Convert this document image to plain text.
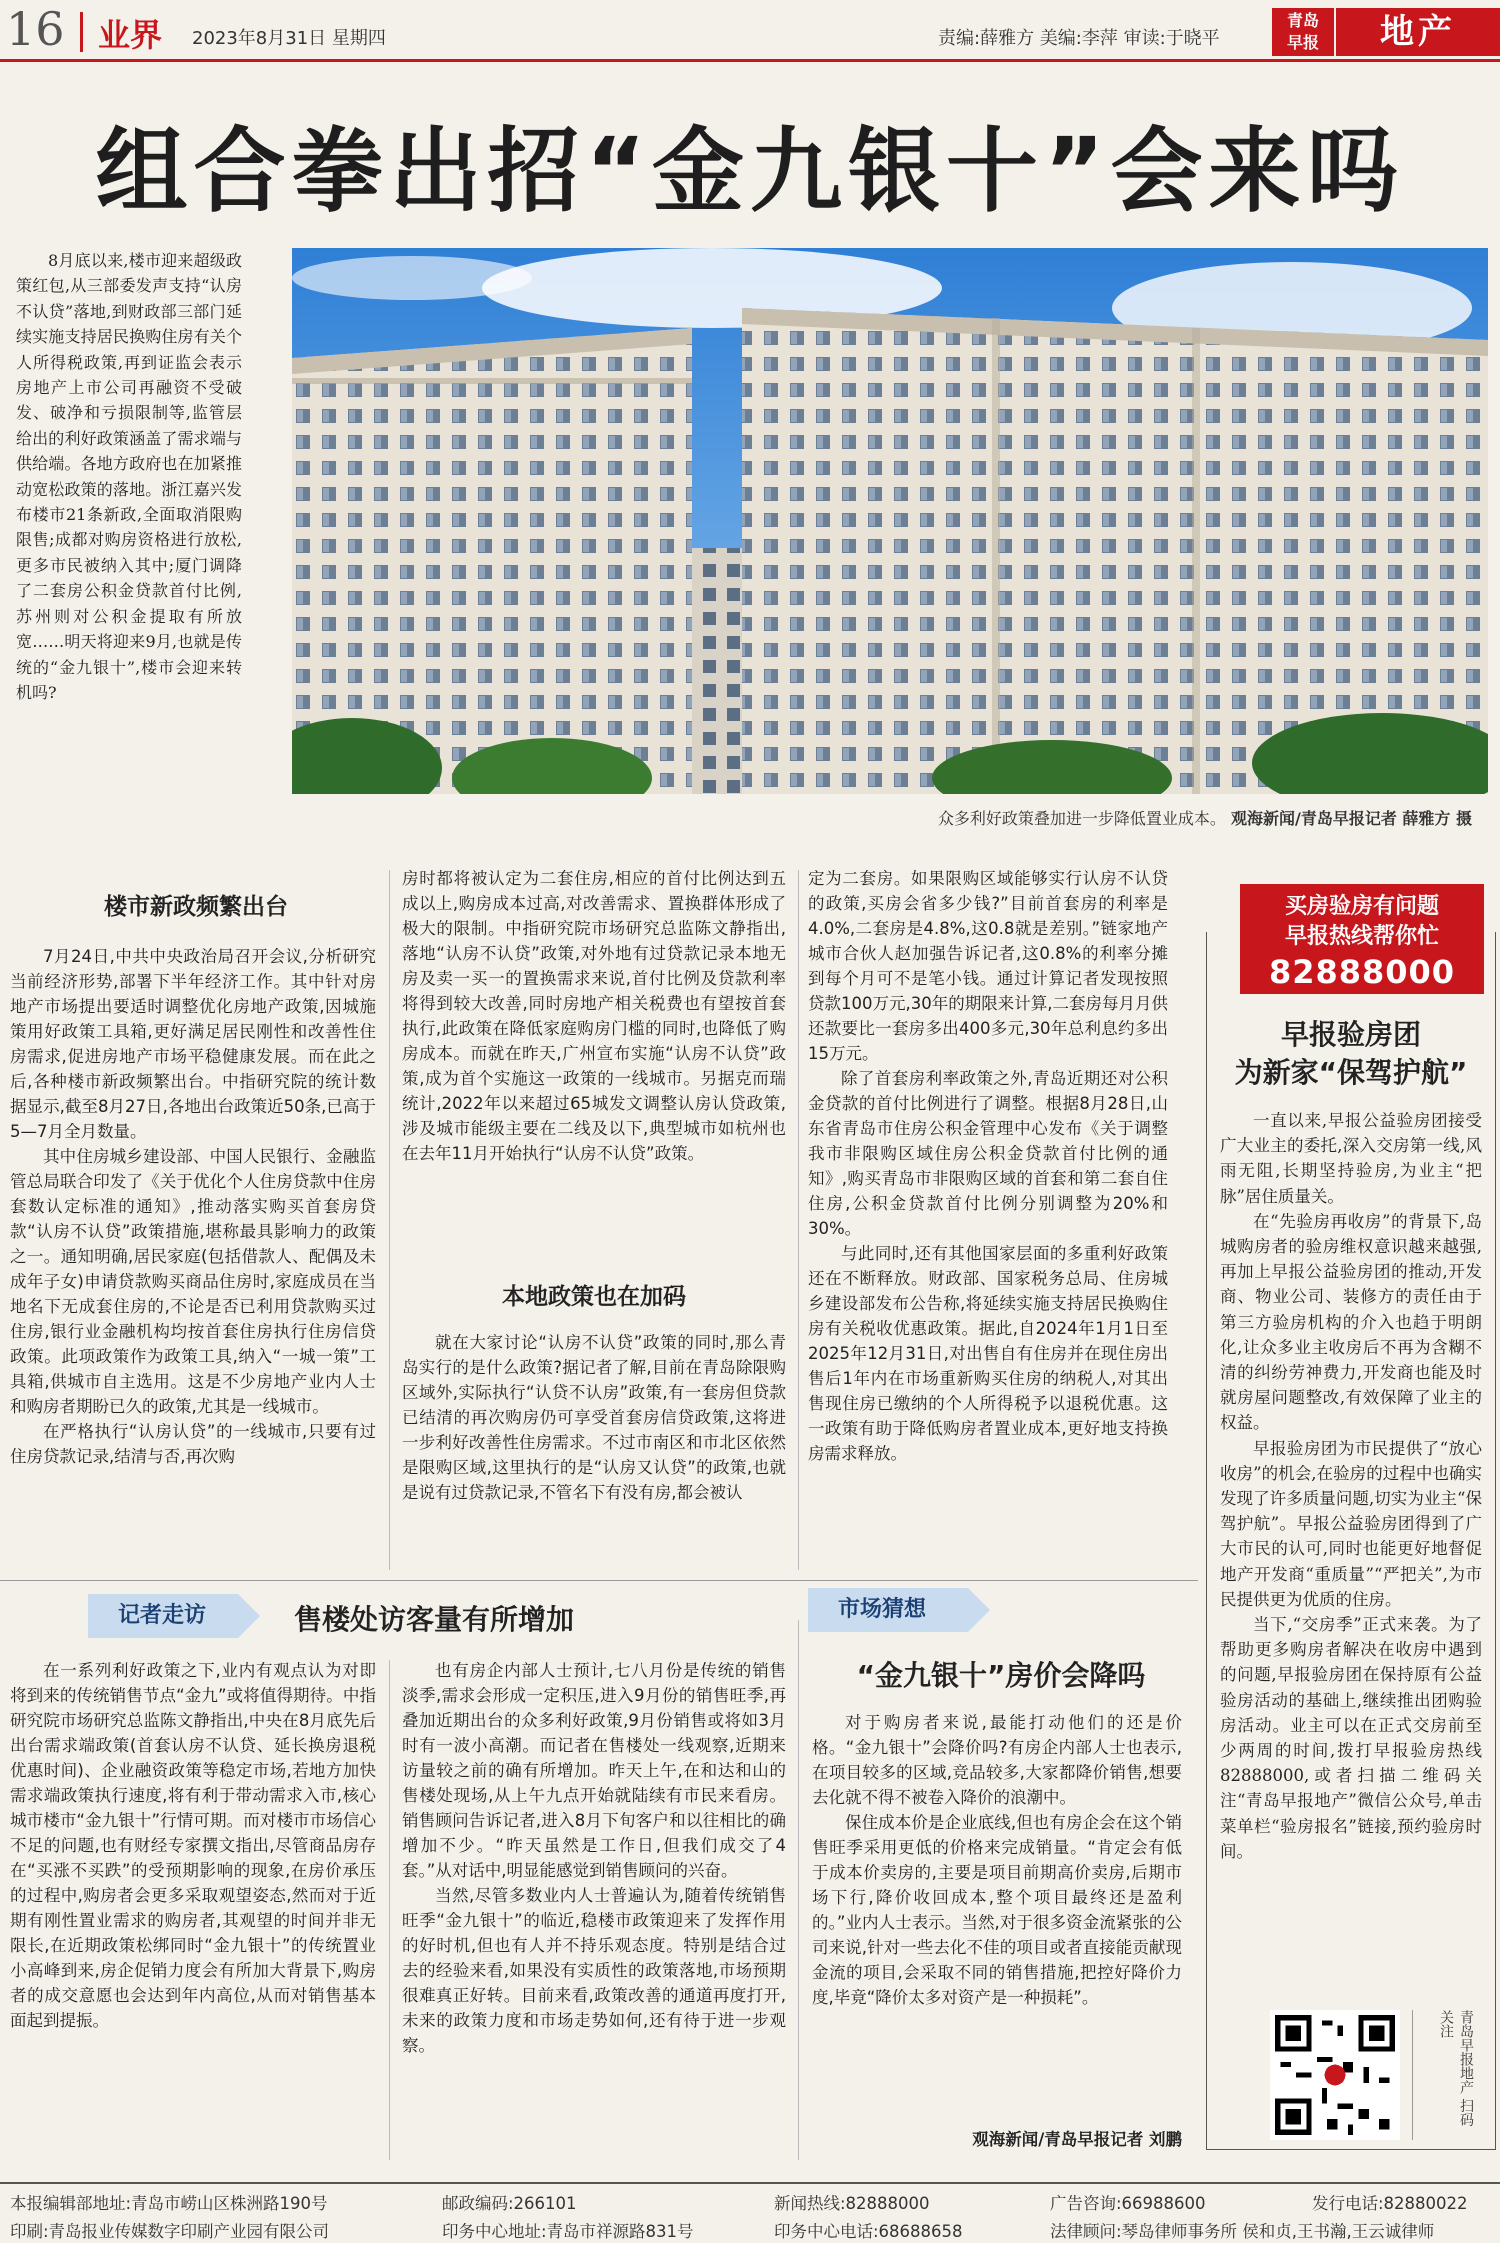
16 业界 2023年8月31日 星期四	责编:薛雅方 美编:李萍 审读:于晓平
青岛
早报	地产
组合拳出招“金九银十”会来吗

8月底以来,楼市迎来超级政策红包,从三部委发声支持“认房不认贷”落地,到财政部三部门延续实施支持居民换购住房有关个人所得税政策,再到证监会表示房地产上市公司再融资不受破发、破净和亏损限制等,监管层给出的利好政策涵盖了需求端与供给端。各地方政府也在加紧推动宽松政策的落地。浙江嘉兴发布楼市21条新政,全面取消限购限售;成都对购房资格进行放松,更多市民被纳入其中;厦门调降了二套房公积金贷款首付比例,苏州则对公积金提取有所放宽……明天将迎来9月,也就是传统的“金九银十”,楼市会迎来转机吗?

众多利好政策叠加进一步降低置业成本。 观海新闻/青岛早报记者 薛雅方 摄
楼市新政频繁出台

7月24日,中共中央政治局召开会议,分析研究当前经济形势,部署下半年经济工作。其中针对房地产市场提出要适时调整优化房地产政策,因城施策用好政策工具箱,更好满足居民刚性和改善性住房需求,促进房地产市场平稳健康发展。而在此之后,各种楼市新政频繁出台。中指研究院的统计数据显示,截至8月27日,各地出台政策近50条,已高于5—7月全月数量。

其中住房城乡建设部、中国人民银行、金融监管总局联合印发了《关于优化个人住房贷款中住房套数认定标准的通知》,推动落实购买首套房贷款“认房不认贷”政策措施,堪称最具影响力的政策之一。通知明确,居民家庭(包括借款人、配偶及未成年子女)申请贷款购买商品住房时,家庭成员在当地名下无成套住房的,不论是否已利用贷款购买过住房,银行业金融机构均按首套住房执行住房信贷政策。此项政策作为政策工具,纳入“一城一策”工具箱,供城市自主选用。这是不少房地产业内人士和购房者期盼已久的政策,尤其是一线城市。

在严格执行“认房认贷”的一线城市,只要有过住房贷款记录,结清与否,再次购

房时都将被认定为二套住房,相应的首付比例达到五成以上,购房成本过高,对改善需求、置换群体形成了极大的限制。中指研究院市场研究总监陈文静指出,落地“认房不认贷”政策,对外地有过贷款记录本地无房及卖一买一的置换需求来说,首付比例及贷款利率将得到较大改善,同时房地产相关税费也有望按首套执行,此政策在降低家庭购房门槛的同时,也降低了购房成本。而就在昨天,广州宣布实施“认房不认贷”政策,成为首个实施这一政策的一线城市。另据克而瑞统计,2022年以来超过65城发文调整认房认贷政策,涉及城市能级主要在二线及以下,典型城市如杭州也在去年11月开始执行“认房不认贷”政策。

本地政策也在加码

就在大家讨论“认房不认贷”政策的同时,那么青岛实行的是什么政策?据记者了解,目前在青岛除限购区域外,实际执行“认贷不认房”政策,有一套房但贷款已结清的再次购房仍可享受首套房信贷政策,这将进一步利好改善性住房需求。不过市南区和市北区依然是限购区域,这里执行的是“认房又认贷”的政策,也就是说有过贷款记录,不管名下有没有房,都会被认

定为二套房。如果限购区域能够实行认房不认贷的政策,买房会省多少钱?”目前首套房的利率是4.0%,二套房是4.8%,这0.8就是差别。”链家地产城市合伙人赵加强告诉记者,这0.8%的利率分摊到每个月可不是笔小钱。通过计算记者发现按照贷款100万元,30年的期限来计算,二套房每月月供还款要比一套房多出400多元,30年总利息约多出15万元。

除了首套房利率政策之外,青岛近期还对公积金贷款的首付比例进行了调整。根据8月28日,山东省青岛市住房公积金管理中心发布《关于调整我市非限购区域住房公积金贷款首付比例的通知》,购买青岛市非限购区域的首套和第二套自住住房,公积金贷款首付比例分别调整为20%和30%。

与此同时,还有其他国家层面的多重利好政策还在不断释放。财政部、国家税务总局、住房城乡建设部发布公告称,将延续实施支持居民换购住房有关税收优惠政策。据此,自2024年1月1日至2025年12月31日,对出售自有住房并在现住房出售后1年内在市场重新购买住房的纳税人,对其出售现住房已缴纳的个人所得税予以退税优惠。这一政策有助于降低购房者置业成本,更好地支持换房需求释放。

记者走访	售楼处访客量有所增加

在一系列利好政策之下,业内有观点认为对即将到来的传统销售节点“金九”或将值得期待。中指研究院市场研究总监陈文静指出,中央在8月底先后出台需求端政策(首套认房不认贷、延长换房退税优惠时间)、企业融资政策等稳定市场,若地方加快需求端政策执行速度,将有利于带动需求入市,核心城市楼市“金九银十”行情可期。而对楼市市场信心不足的问题,也有财经专家撰文指出,尽管商品房存在“买涨不买跌”的受预期影响的现象,在房价承压的过程中,购房者会更多采取观望姿态,然而对于近期有刚性置业需求的购房者,其观望的时间并非无限长,在近期政策松绑同时“金九银十”的传统置业小高峰到来,房企促销力度会有所加大背景下,购房者的成交意愿也会达到年内高位,从而对销售基本面起到提振。

也有房企内部人士预计,七八月份是传统的销售淡季,需求会形成一定积压,进入9月份的销售旺季,再叠加近期出台的众多利好政策,9月份销售或将如3月时有一波小高潮。而记者在售楼处一线观察,近期来访量较之前的确有所增加。昨天上午,在和达和山的售楼处现场,从上午九点开始就陆续有市民来看房。销售顾问告诉记者,进入8月下旬客户和以往相比的确增加不少。“昨天虽然是工作日,但我们成交了4套。”从对话中,明显能感觉到销售顾问的兴奋。

当然,尽管多数业内人士普遍认为,随着传统销售旺季“金九银十”的临近,稳楼市政策迎来了发挥作用的好时机,但也有人并不持乐观态度。特别是结合过去的经验来看,如果没有实质性的政策落地,市场预期很难真正好转。目前来看,政策改善的通道再度打开,未来的政策力度和市场走势如何,还有待于进一步观察。

市场猜想
“金九银十”房价会降吗

对于购房者来说,最能打动他们的还是价格。“金九银十”会降价吗?有房企内部人士也表示,在项目较多的区域,竞品较多,大家都降价销售,想要去化就不得不被卷入降价的浪潮中。

保住成本价是企业底线,但也有房企会在这个销售旺季采用更低的价格来完成销量。“肯定会有低于成本价卖房的,主要是项目前期高价卖房,后期市场下行,降价收回成本,整个项目最终还是盈利的。”业内人士表示。当然,对于很多资金流紧张的公司来说,针对一些去化不佳的项目或者直接能贡献现金流的项目,会采取不同的销售措施,把控好降价力度,毕竟“降价太多对资产是一种损耗”。

观海新闻/青岛早报记者 刘鹏
买房验房有问题
早报热线帮你忙
82888000
早报验房团
为新家“保驾护航”

一直以来,早报公益验房团接受广大业主的委托,深入交房第一线,风雨无阻,长期坚持验房,为业主“把脉”居住质量关。

在“先验房再收房”的背景下,岛城购房者的验房维权意识越来越强,再加上早报公益验房团的推动,开发商、物业公司、装修方的责任由于第三方验房机构的介入也趋于明朗化,让众多业主收房后不再为含糊不清的纠纷劳神费力,开发商也能及时就房屋问题整改,有效保障了业主的权益。

早报验房团为市民提供了“放心收房”的机会,在验房的过程中也确实发现了许多质量问题,切实为业主“保驾护航”。早报公益验房团得到了广大市民的认可,同时也能更好地督促地产开发商“重质量”“严把关”,为市民提供更为优质的住房。

当下,“交房季”正式来袭。为了帮助更多购房者解决在收房中遇到的问题,早报验房团在保持原有公益验房活动的基础上,继续推出团购验房活动。业主可以在正式交房前至少两周的时间,拨打早报验房热线82888000,或者扫描二维码关注“青岛早报地产”微信公众号,单击菜单栏“验房报名”链接,预约验房时间。

青岛早报地产 扫码关注
本报编辑部地址:青岛市崂山区株洲路190号	邮政编码:266101	新闻热线:82888000	广告咨询:66988600	发行电话:82880022
印刷:青岛报业传媒数字印刷产业园有限公司	印务中心地址:青岛市祥源路831号	印务中心电话:68688658	法律顾问:琴岛律师事务所 侯和贞,王书瀚,王云诚律师
